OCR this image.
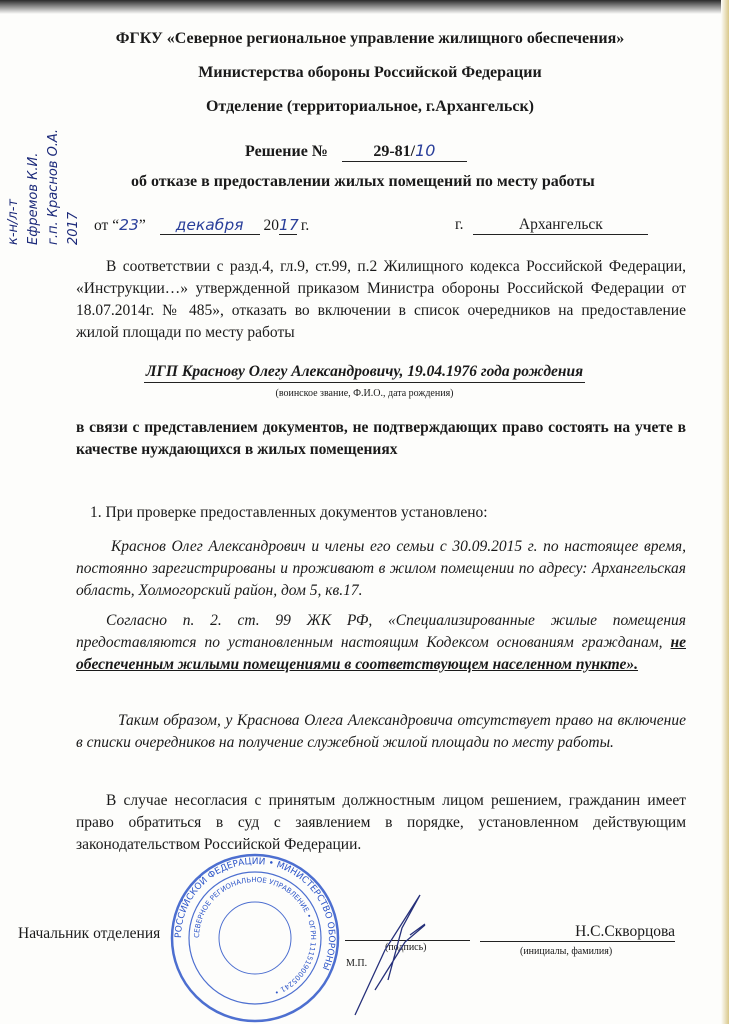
ФГКУ «Северное региональное управление жилищного обеспечения»
Министерства обороны Российской Федерации
Отделение (территориальное, г.Архангельск)
Решение №	29-81/10
об отказе в предоставлении жилых помещений по месту работы
от “23” декабря 2017 г.	г.	Архангельск
В соответствии с разд.4, гл.9, ст.99, п.2 Жилищного кодекса Российской Федерации, «Инструкции…» утвержденной приказом Министра обороны Российской Федерации от 18.07.2014г. № 485», отказать во включении в список очередников на предоставление жилой площади по месту работы
ЛГП Краснову Олегу Александровичу, 19.04.1976 года рождения
(воинское звание, Ф.И.О., дата рождения)
в связи с представлением документов, не подтверждающих право состоять на учете в качестве нуждающихся в жилых помещениях
1. При проверке предоставленных документов установлено:
Краснов Олег Александрович и члены его семьи с 30.09.2015 г. по настоящее время, постоянно зарегистрированы и проживают в жилом помещении по адресу: Архангельская область, Холмогорский район, дом 5, кв.17.
Согласно п. 2. ст. 99 ЖК РФ, «Специализированные жилые помещения предоставляются по установленным настоящим Кодексом основаниям гражданам, не обеспеченным жилыми помещениями в соответствующем населенном пункте».
Таким образом, у Краснова Олега Александровича отсутствует право на включение в списки очередников на получение служебной жилой площади по месту работы.
В случае несогласия с принятым должностным лицом решением, гражданин имеет право обратиться в суд с заявлением в порядке, установленном действующим законодательством Российской Федерации.
РОССИЙСКОЙ ФЕДЕРАЦИИ • МИНИСТЕРСТВО ОБОРОНЫ
СЕВЕРНОЕ РЕГИОНАЛЬНОЕ УПРАВЛЕНИЕ • ОГРН 1115190005241 •
Начальник отделения
(подпись)
М.П.
Н.С.Скворцова
(инициалы, фамилия)
к-н/л-т Ефремов К.И. г.п. Краснов О.А. 2017
